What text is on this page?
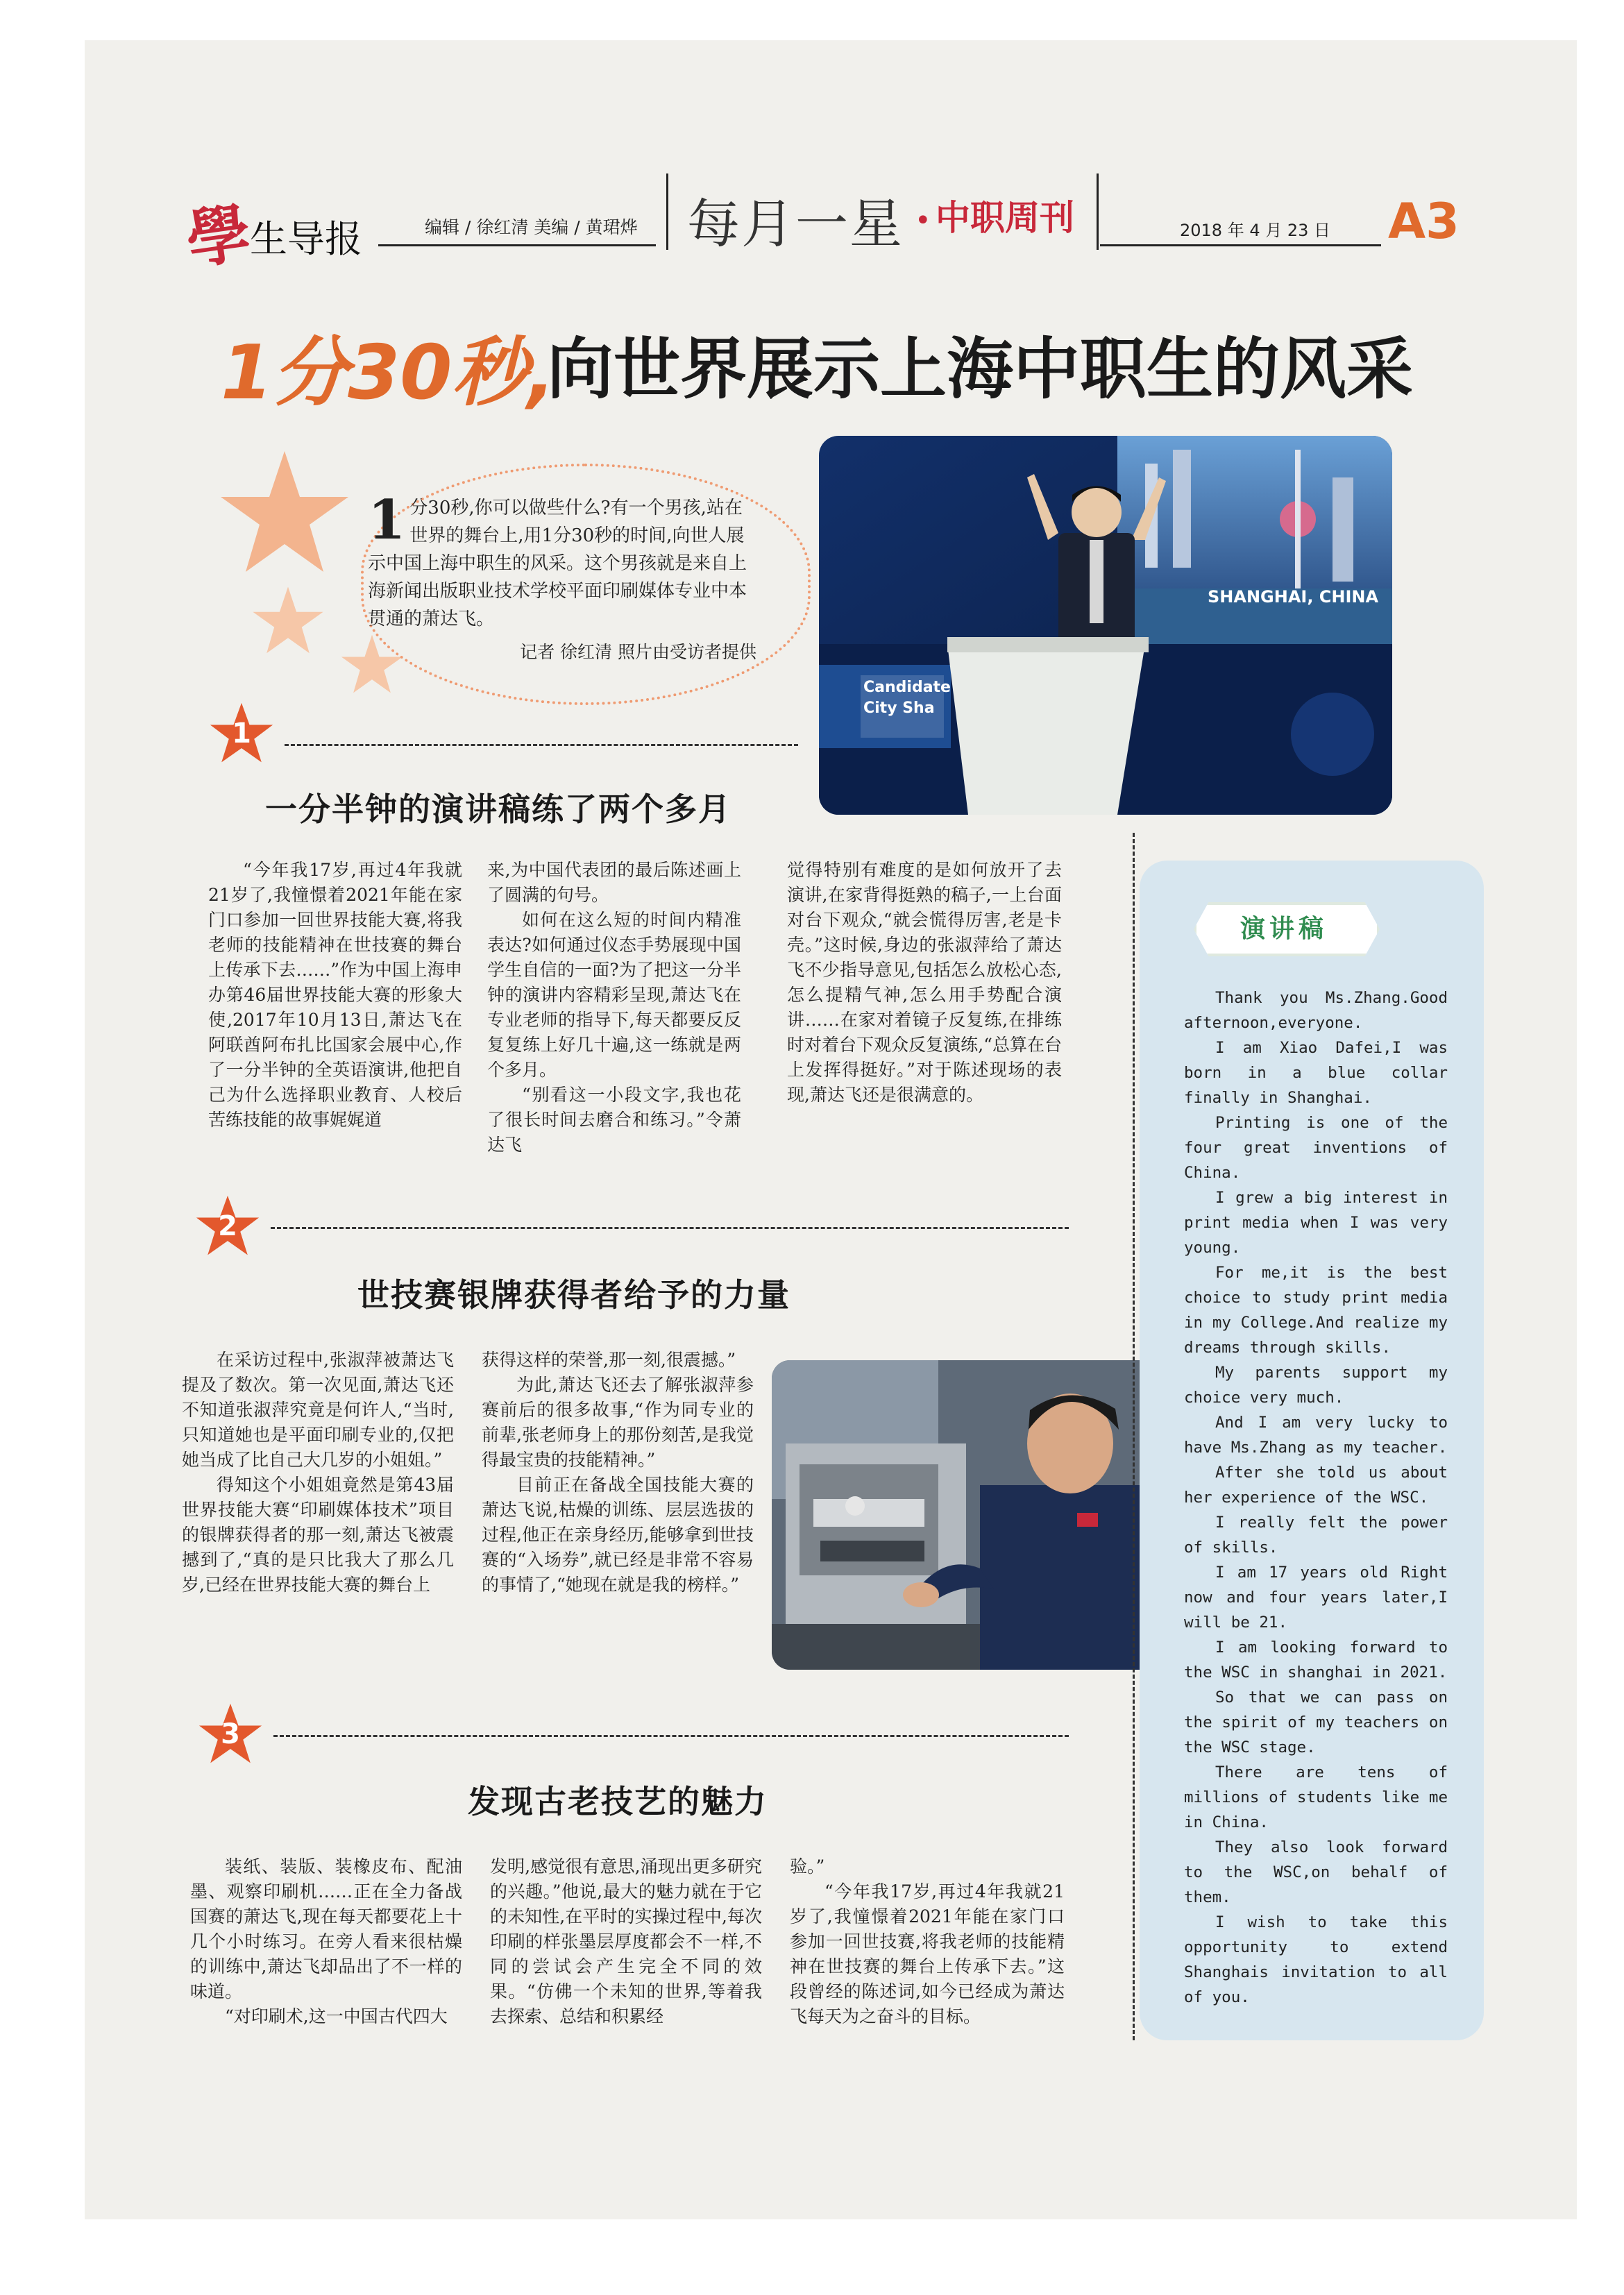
學
生导报	编辑 / 徐红清 美编 / 黄珺烨 每月一星 • 中职周刊	2018 年 4 月 23 日 A3
1分30秒,
向世界展示上海中职生的风采
1 分30秒,你可以做些什么?有一个男孩,站在世界的舞台上,用1分30秒的时间,向世人展示中国上海中职生的风采。这个男孩就是来自上海新闻出版职业技术学校平面印刷媒体专业中本贯通的萧达飞。
记者 徐红清 照片由受访者提供
SHANGHAI, CHINA
Candidate
City Sha
1
一分半钟的演讲稿练了两个多月

“今年我17岁,再过4年我就21岁了,我憧憬着2021年能在家门口参加一回世界技能大赛,将我老师的技能精神在世技赛的舞台上传承下去……”作为中国上海申办第46届世界技能大赛的形象大使,2017年10月13日,萧达飞在阿联酋阿布扎比国家会展中心,作了一分半钟的全英语演讲,他把自己为什么选择职业教育、人校后苦练技能的故事娓娓道

来,为中国代表团的最后陈述画上了圆满的句号。

如何在这么短的时间内精准表达?如何通过仪态手势展现中国学生自信的一面?为了把这一分半钟的演讲内容精彩呈现,萧达飞在专业老师的指导下,每天都要反反复复练上好几十遍,这一练就是两个多月。

“别看这一小段文字,我也花了很长时间去磨合和练习。”令萧达飞

觉得特别有难度的是如何放开了去演讲,在家背得挺熟的稿子,一上台面对台下观众,“就会慌得厉害,老是卡壳。”这时候,身边的张淑萍给了萧达飞不少指导意见,包括怎么放松心态,怎么提精气神,怎么用手势配合演讲……在家对着镜子反复练,在排练时对着台下观众反复演练,“总算在台上发挥得挺好。”对于陈述现场的表现,萧达飞还是很满意的。

2
世技赛银牌获得者给予的力量

在采访过程中,张淑萍被萧达飞提及了数次。第一次见面,萧达飞还不知道张淑萍究竟是何许人,“当时,只知道她也是平面印刷专业的,仅把她当成了比自己大几岁的小姐姐。”

得知这个小姐姐竟然是第43届世界技能大赛“印刷媒体技术”项目的银牌获得者的那一刻,萧达飞被震撼到了,“真的是只比我大了那么几岁,已经在世界技能大赛的舞台上

获得这样的荣誉,那一刻,很震撼。”

为此,萧达飞还去了解张淑萍参赛前后的很多故事,“作为同专业的前辈,张老师身上的那份刻苦,是我觉得最宝贵的技能精神。”

目前正在备战全国技能大赛的萧达飞说,枯燥的训练、层层选拔的过程,他正在亲身经历,能够拿到世技赛的“入场券”,就已经是非常不容易的事情了,“她现在就是我的榜样。”

3
发现古老技艺的魅力

装纸、装版、装橡皮布、配油墨、观察印刷机……正在全力备战国赛的萧达飞,现在每天都要花上十几个小时练习。在旁人看来很枯燥的训练中,萧达飞却品出了不一样的味道。

“对印刷术,这一中国古代四大

发明,感觉很有意思,涌现出更多研究的兴趣。”他说,最大的魅力就在于它的未知性,在平时的实操过程中,每次印刷的样张墨层厚度都会不一样,不同的尝试会产生完全不同的效果。“仿佛一个未知的世界,等着我去探索、总结和积累经

验。”

“今年我17岁,再过4年我就21岁了,我憧憬着2021年能在家门口参加一回世技赛,将我老师的技能精神在世技赛的舞台上传承下去。”这段曾经的陈述词,如今已经成为萧达飞每天为之奋斗的目标。

演讲稿

Thank you Ms.Zhang.Good afternoon,everyone.

I am Xiao Dafei,I was born in a blue collar finally in Shanghai.

Printing is one of the four great inventions of China.

I grew a big interest in print media when I was very young.

For me,it is the best choice to study print media in my College.And realize my dreams through skills.

My parents support my choice very much.

And I am very lucky to have Ms.Zhang as my teacher.

After she told us about her experience of the WSC.

I really felt the power of skills.

I am 17 years old Right now and four years later,I will be 21.

I am looking forward to the WSC in shanghai in 2021.

So that we can pass on the spirit of my teachers on the WSC stage.

There are tens of millions of students like me in China.

They also look forward to the WSC,on behalf of them.

I wish to take this opportunity to extend Shanghais invitation to all of you.
